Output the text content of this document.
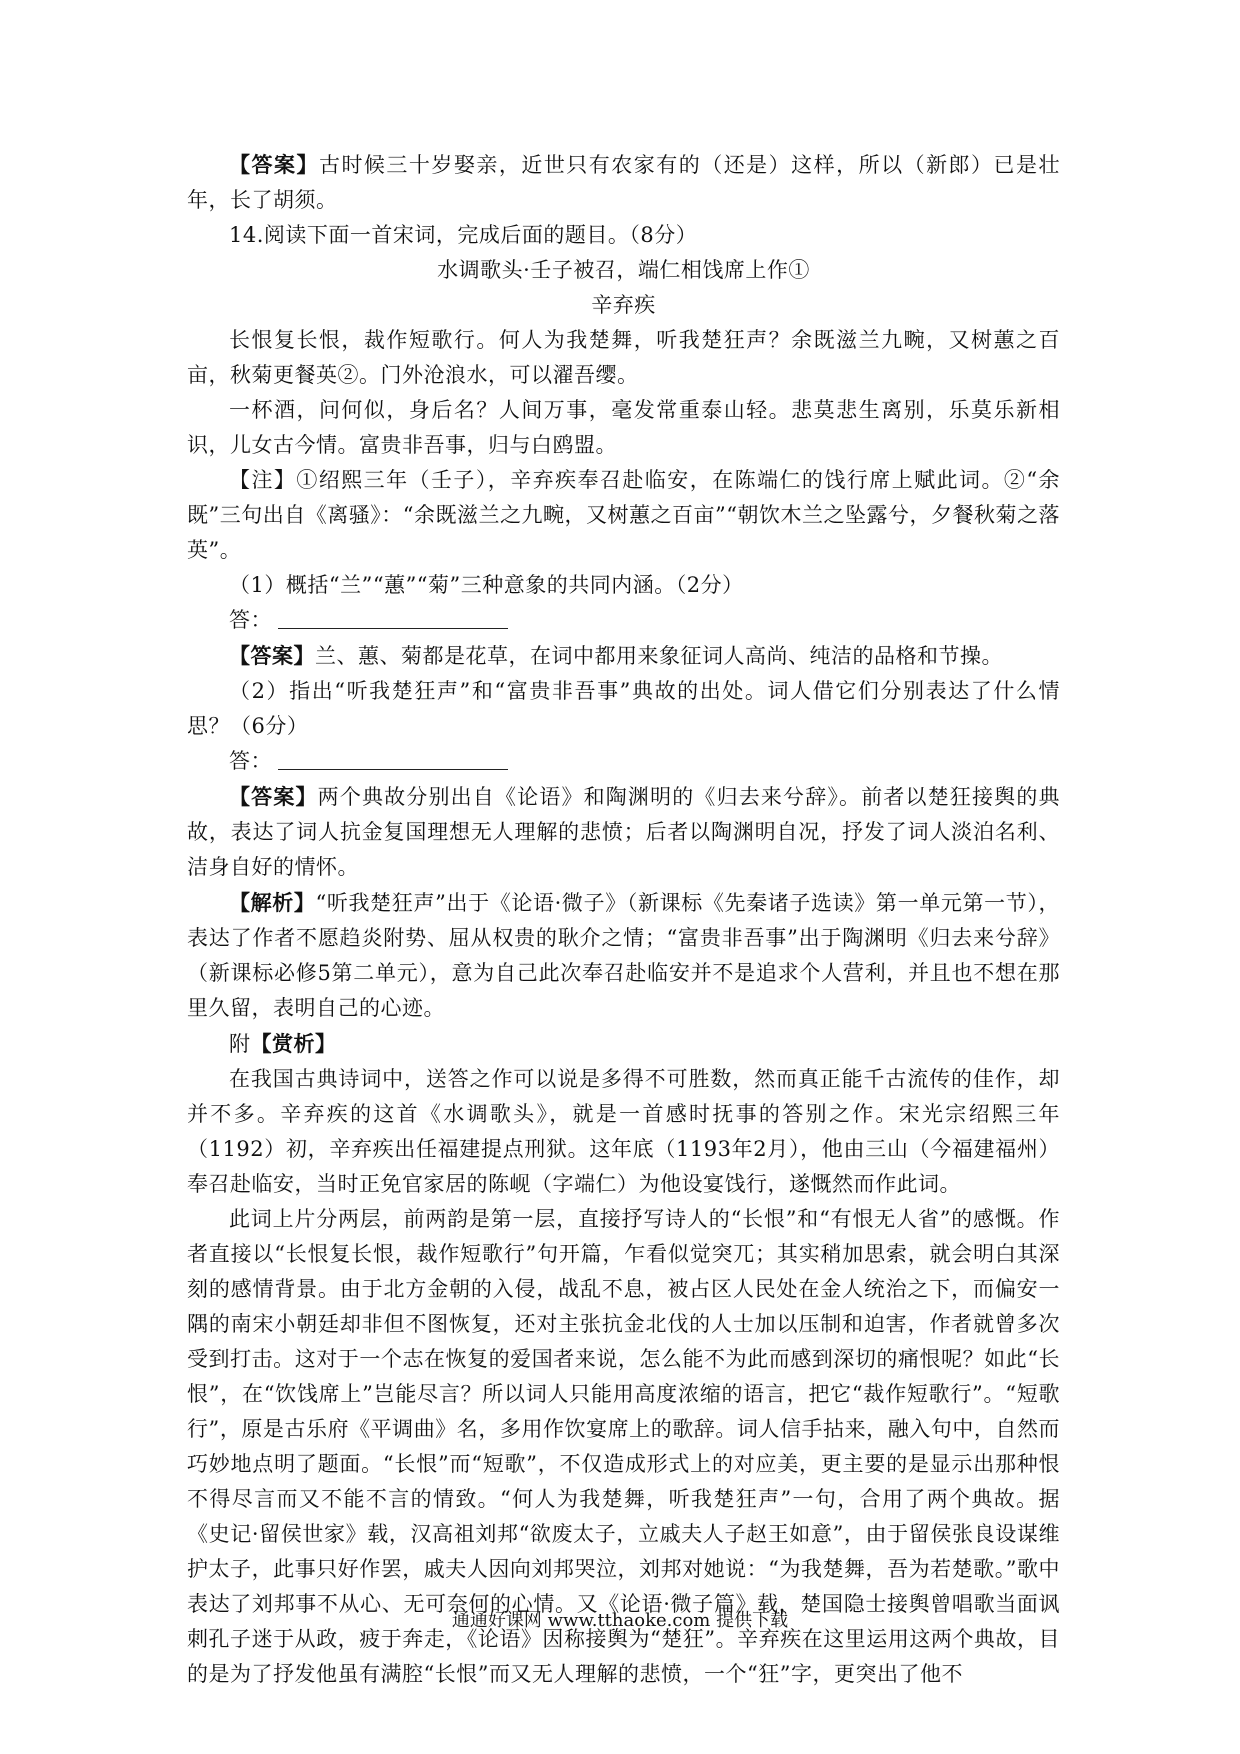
【答案】古时候三十岁娶亲，近世只有农家有的（还是）这样，所以（新郎）已是壮年，长了胡须。

14.阅读下面一首宋词，完成后面的题目。（8分）

水调歌头·壬子被召，端仁相饯席上作①

辛弃疾

长恨复长恨，裁作短歌行。何人为我楚舞，听我楚狂声？余既滋兰九畹，又树蕙之百亩，秋菊更餐英②。门外沧浪水，可以濯吾缨。

一杯酒，问何似，身后名？人间万事，毫发常重泰山轻。悲莫悲生离别，乐莫乐新相识，儿女古今情。富贵非吾事，归与白鸥盟。

【注】①绍熙三年（壬子），辛弃疾奉召赴临安，在陈端仁的饯行席上赋此词。②“余既”三句出自《离骚》：“余既滋兰之九畹，又树蕙之百亩”“朝饮木兰之坠露兮，夕餐秋菊之落英”。

（1）概括“兰”“蕙”“菊”三种意象的共同内涵。（2分）

答：

【答案】兰、蕙、菊都是花草，在词中都用来象征词人高尚、纯洁的品格和节操。

（2）指出“听我楚狂声”和“富贵非吾事”典故的出处。词人借它们分别表达了什么情思？（6分）

答：

【答案】两个典故分别出自《论语》和陶渊明的《归去来兮辞》。前者以楚狂接舆的典故，表达了词人抗金复国理想无人理解的悲愤；后者以陶渊明自况，抒发了词人淡泊名利、洁身自好的情怀。

【解析】“听我楚狂声”出于《论语·微子》（新课标《先秦诸子选读》第一单元第一节），表达了作者不愿趋炎附势、屈从权贵的耿介之情；“富贵非吾事”出于陶渊明《归去来兮辞》（新课标必修5第二单元），意为自己此次奉召赴临安并不是追求个人营利，并且也不想在那里久留，表明自己的心迹。

附【赏析】

在我国古典诗词中，送答之作可以说是多得不可胜数，然而真正能千古流传的佳作，却并不多。辛弃疾的这首《水调歌头》，就是一首感时抚事的答别之作。宋光宗绍熙三年（1192）初，辛弃疾出任福建提点刑狱。这年底（1193年2月），他由三山（今福建福州）奉召赴临安，当时正免官家居的陈岘（字端仁）为他设宴饯行，遂慨然而作此词。

此词上片分两层，前两韵是第一层，直接抒写诗人的“长恨”和“有恨无人省”的感慨。作者直接以“长恨复长恨，裁作短歌行”句开篇，乍看似觉突兀；其实稍加思索，就会明白其深刻的感情背景。由于北方金朝的入侵，战乱不息，被占区人民处在金人统治之下，而偏安一隅的南宋小朝廷却非但不图恢复，还对主张抗金北伐的人士加以压制和迫害，作者就曾多次受到打击。这对于一个志在恢复的爱国者来说，怎么能不为此而感到深切的痛恨呢？如此“长恨”，在“饮饯席上”岂能尽言？所以词人只能用高度浓缩的语言，把它“裁作短歌行”。“短歌行”，原是古乐府《平调曲》名，多用作饮宴席上的歌辞。词人信手拈来，融入句中，自然而巧妙地点明了题面。“长恨”而“短歌”，不仅造成形式上的对应美，更主要的是显示出那种恨不得尽言而又不能不言的情致。“何人为我楚舞，听我楚狂声”一句，合用了两个典故。据《史记·留侯世家》载，汉高祖刘邦“欲废太子，立戚夫人子赵王如意”，由于留侯张良设谋维护太子，此事只好作罢，戚夫人因向刘邦哭泣，刘邦对她说：“为我楚舞，吾为若楚歌。”歌中表达了刘邦事不从心、无可奈何的心情。又《论语·微子篇》载，楚国隐士接舆曾唱歌当面讽刺孔子迷于从政，疲于奔走，《论语》因称接舆为“楚狂”。辛弃疾在这里运用这两个典故，目的是为了抒发他虽有满腔“长恨”而又无人理解的悲愤，一个“狂”字，更突出了他不

通通好课网 www.tthaoke.com 提供下载
